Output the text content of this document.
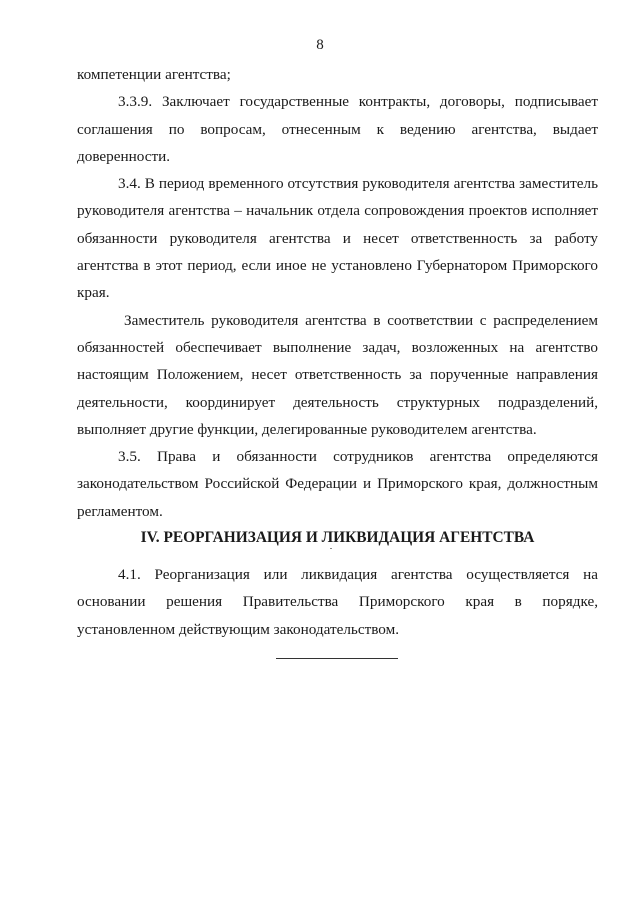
8

компетенции агентства;

3.3.9. Заключает государственные контракты, договоры, подписывает соглашения по вопросам, отнесенным к ведению агентства, выдает доверенности.

3.4. В период временного отсутствия руководителя агентства заместитель руководителя агентства – начальник отдела сопровождения проектов исполняет обязанности руководителя агентства и несет ответственность за работу агентства в этот период, если иное не установлено Губернатором Приморского края.

Заместитель руководителя агентства в соответствии с распределением обязанностей обеспечивает выполнение задач, возложенных на агентство настоящим Положением, несет ответственность за порученные направления деятельности, координирует деятельность структурных подразделений, выполняет другие функции, делегированные руководителем агентства.

3.5. Права и обязанности сотрудников агентства определяются законодательством Российской Федерации и Приморского края, должностным регламентом.

IV. РЕОРГАНИЗАЦИЯ И ЛИКВИДАЦИЯ АГЕНТСТВА

4.1. Реорганизация или ликвидация агентства осуществляется на основании решения Правительства Приморского края в порядке, установленном действующим законодательством.
